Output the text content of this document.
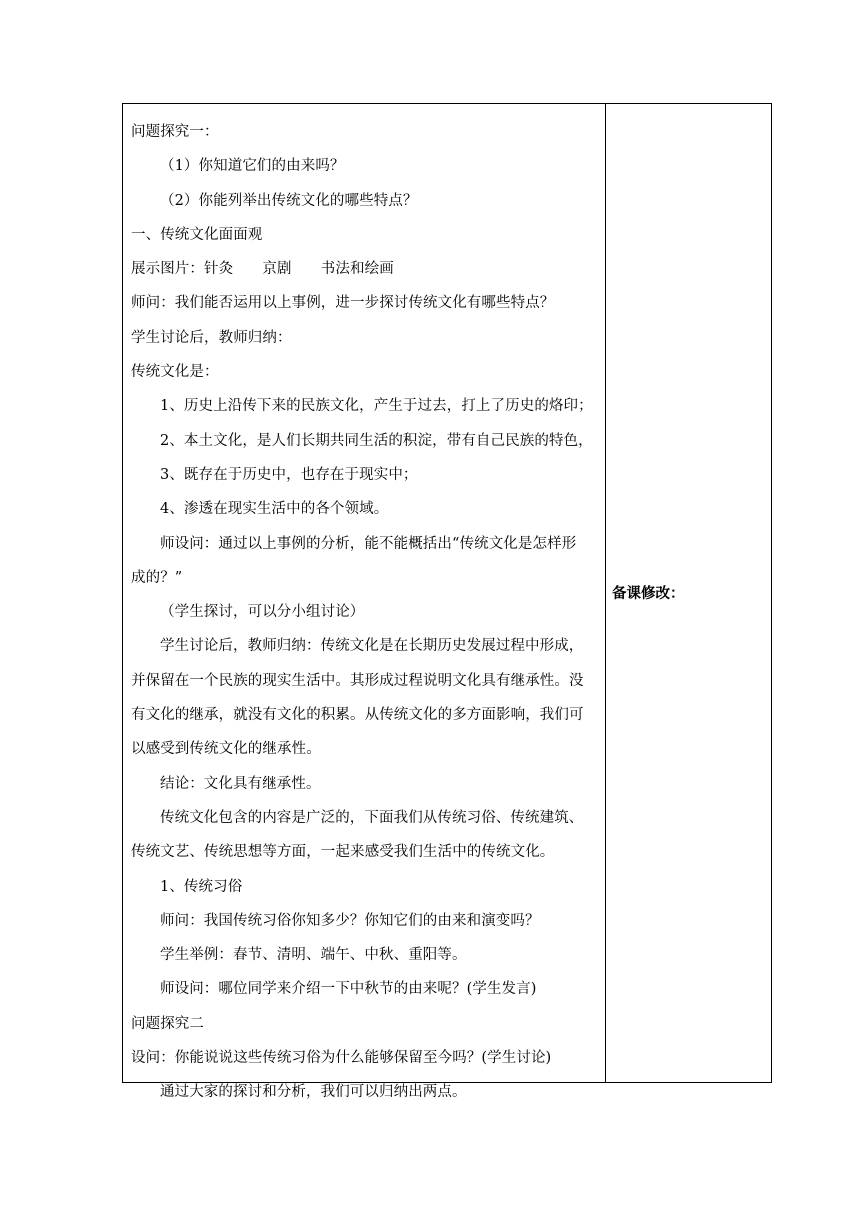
问题探究一：
（1）你知道它们的由来吗？
（2）你能列举出传统文化的哪些特点？
一、传统文化面面观
展示图片：针灸　　京剧　　书法和绘画
师问：我们能否运用以上事例，进一步探讨传统文化有哪些特点？
学生讨论后，教师归纳：
传统文化是：
1、历史上沿传下来的民族文化，产生于过去，打上了历史的烙印；
2、本土文化，是人们长期共同生活的积淀，带有自己民族的特色，
3、既存在于历史中，也存在于现实中；
4、渗透在现实生活中的各个领域。
师设问：通过以上事例的分析，能不能概括出“传统文化是怎样形
成的？”
（学生探讨，可以分小组讨论）
学生讨论后，教师归纳：传统文化是在长期历史发展过程中形成，
并保留在一个民族的现实生活中。其形成过程说明文化具有继承性。没
有文化的继承，就没有文化的积累。从传统文化的多方面影响，我们可
以感受到传统文化的继承性。
结论：文化具有继承性。
传统文化包含的内容是广泛的，下面我们从传统习俗、传统建筑、
传统文艺、传统思想等方面，一起来感受我们生活中的传统文化。
1、传统习俗
师问：我国传统习俗你知多少？你知它们的由来和演变吗？
学生举例：春节、清明、端午、中秋、重阳等。
师设问：哪位同学来介绍一下中秋节的由来呢？(学生发言)
问题探究二
设问：你能说说这些传统习俗为什么能够保留至今吗？(学生讨论)
通过大家的探讨和分析，我们可以归纳出两点。
备课修改：
